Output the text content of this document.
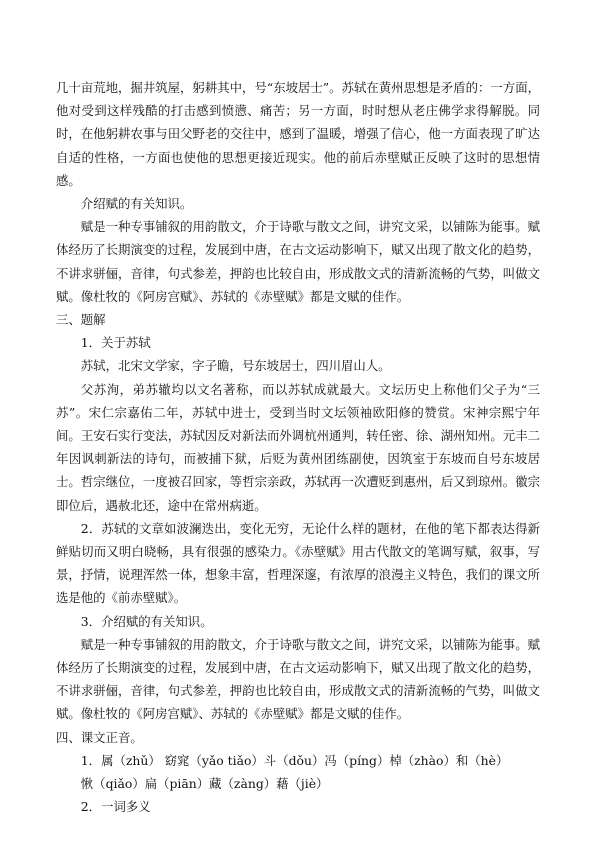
几十亩荒地，掘井筑屋，躬耕其中，号“东坡居士”。苏轼在黄州思想是矛盾的：一方面，他对受到这样残酷的打击感到愤懑、痛苦；另一方面，时时想从老庄佛学求得解脱。同时，在他躬耕农事与田父野老的交往中，感到了温暖，增强了信心，他一方面表现了旷达自适的性格，一方面也使他的思想更接近现实。他的前后赤壁赋正反映了这时的思想情感。

介绍赋的有关知识。

赋是一种专事铺叙的用韵散文，介于诗歌与散文之间，讲究文采，以铺陈为能事。赋体经历了长期演变的过程，发展到中唐，在古文运动影响下，赋又出现了散文化的趋势，不讲求骈俪，音律，句式参差，押韵也比较自由，形成散文式的清新流畅的气势，叫做文赋。像杜牧的《阿房宫赋》、苏轼的《赤壁赋》都是文赋的佳作。

三、题解

1．关于苏轼

苏轼，北宋文学家，字子瞻，号东坡居士，四川眉山人。

父苏洵，弟苏辙均以文名著称，而以苏轼成就最大。文坛历史上称他们父子为“三苏”。宋仁宗嘉佑二年，苏轼中进士，受到当时文坛领袖欧阳修的赞赏。宋神宗熙宁年间。王安石实行变法，苏轼因反对新法而外调杭州通判，转任密、徐、湖州知州。元丰二年因讽刺新法的诗句，而被捕下狱，后贬为黄州团练副使，因筑室于东坡而自号东坡居士。哲宗继位，一度被召回家，等哲宗亲政，苏轼再一次遭贬到惠州，后又到琼州。徽宗即位后，遇赦北还，途中在常州病逝。

2．苏轼的文章如波澜迭出，变化无穷，无论什么样的题材，在他的笔下都表达得新鲜贴切而又明白晓畅，具有很强的感染力。《赤壁赋》用古代散文的笔调写赋，叙事，写景，抒情，说理浑然一体，想象丰富，哲理深邃，有浓厚的浪漫主义特色，我们的课文所选是他的《前赤壁赋》。

3．介绍赋的有关知识。

赋是一种专事铺叙的用韵散文，介于诗歌与散文之间，讲究文采，以铺陈为能事。赋体经历了长期演变的过程，发展到中唐，在古文运动影响下，赋又出现了散文化的趋势，不讲求骈俪，音律，句式参差，押韵也比较自由，形成散文式的清新流畅的气势，叫做文赋。像杜牧的《阿房宫赋》、苏轼的《赤壁赋》都是文赋的佳作。

四、课文正音。

1．属（zhǔ） 窈窕（yǎo tiǎo）斗（dǒu）冯（píng）棹（zhào）和（hè）

愀（qiǎo）扁（piān）藏（zàng）藉（jiè）

2．一词多义
